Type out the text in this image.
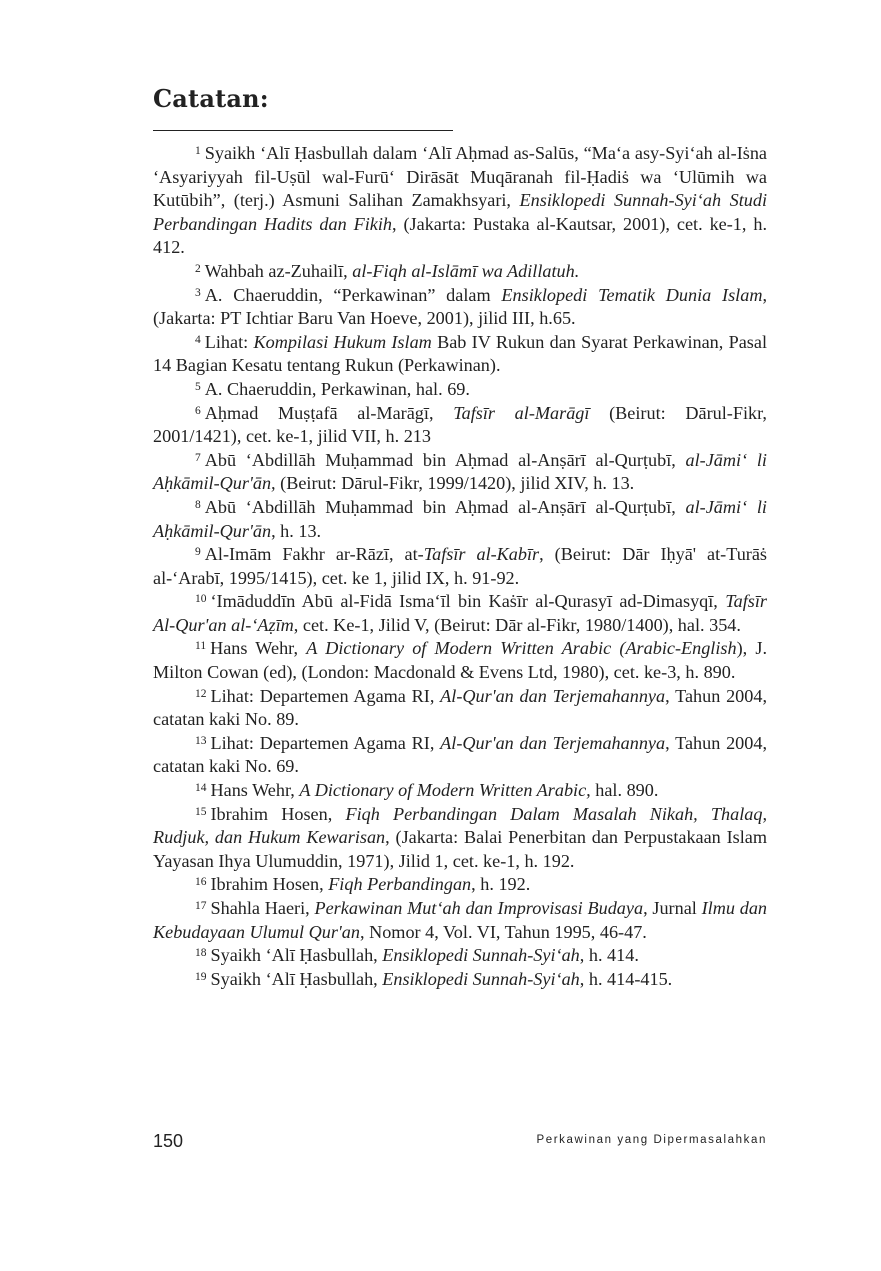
Catatan:

$^1$ Syaikh ‘Alī Ḥasbullah dalam ‘Alī Aḥmad as-Salūs, “Ma‘a asy-Syi‘ah al-Iṡna ‘Asyariyyah fil-Uṣūl wal-Furū‘ Dirāsāt Muqāranah fil-Ḥadiṡ wa ‘Ulūmih wa Kutūbih”, (terj.) Asmuni Salihan Zamakhsyari, Ensiklopedi Sunnah-Syi‘ah Studi Perbandingan Hadits dan Fikih, (Jakarta: Pustaka al-Kautsar, 2001), cet. ke-1, h. 412.

$^2$ Wahbah az-Zuhailī, al-Fiqh al-Islāmī wa Adillatuh.

$^3$ A. Chaeruddin, “Perkawinan” dalam Ensiklopedi Tematik Dunia Islam, (Jakarta: PT Ichtiar Baru Van Hoeve, 2001), jilid III, h.65.

$^4$ Lihat: Kompilasi Hukum Islam Bab IV Rukun dan Syarat Perkawinan, Pasal 14 Bagian Kesatu tentang Rukun (Perkawinan).

$^5$ A. Chaeruddin, Perkawinan, hal. 69.

$^6$ Aḥmad Muṣṭafā al-Marāgī, Tafsīr al-Marāgī (Beirut: Dārul-Fikr, 2001/1421), cet. ke-1, jilid VII, h. 213

$^7$ Abū ‘Abdillāh Muḥammad bin Aḥmad al-Anṣārī al-Qurṭubī, al-Jāmi‘ li Aḥkāmil-Qur'ān, (Beirut: Dārul-Fikr, 1999/1420), jilid XIV, h. 13.

$^8$ Abū ‘Abdillāh Muḥammad bin Aḥmad al-Anṣārī al-Qurṭubī, al-Jāmi‘ li Aḥkāmil-Qur'ān, h. 13.

$^9$ Al-Imām Fakhr ar-Rāzī, at-Tafsīr al-Kabīr, (Beirut: Dār Iḥyā' at-Turāṡ al-‘Arabī, 1995/1415), cet. ke 1, jilid IX, h. 91-92.

$^{10}$ ‘Imāduddīn Abū al-Fidā Isma‘īl bin Kaṡīr al-Qurasyī ad-Dimasyqī, Tafsīr Al-Qur'an al-‘Aẓīm, cet. Ke-1, Jilid V, (Beirut: Dār al-Fikr, 1980/1400), hal. 354.

$^{11}$ Hans Wehr, A Dictionary of Modern Written Arabic (Arabic-English), J. Milton Cowan (ed), (London: Macdonald & Evens Ltd, 1980), cet. ke-3, h. 890.

$^{12}$ Lihat: Departemen Agama RI, Al-Qur'an dan Terjemahannya, Tahun 2004, catatan kaki No. 89.

$^{13}$ Lihat: Departemen Agama RI, Al-Qur'an dan Terjemahannya, Tahun 2004, catatan kaki No. 69.

$^{14}$ Hans Wehr, A Dictionary of Modern Written Arabic, hal. 890.

$^{15}$ Ibrahim Hosen, Fiqh Perbandingan Dalam Masalah Nikah, Thalaq, Rudjuk, dan Hukum Kewarisan, (Jakarta: Balai Penerbitan dan Perpustakaan Islam Yayasan Ihya Ulumuddin, 1971), Jilid 1, cet. ke-1, h. 192.

$^{16}$ Ibrahim Hosen, Fiqh Perbandingan, h. 192.

$^{17}$ Shahla Haeri, Perkawinan Mut‘ah dan Improvisasi Budaya, Jurnal Ilmu dan Kebudayaan Ulumul Qur'an, Nomor 4, Vol. VI, Tahun 1995, 46-47.

$^{18}$ Syaikh ‘Alī Ḥasbullah, Ensiklopedi Sunnah-Syi‘ah, h. 414.

$^{19}$ Syaikh ‘Alī Ḥasbullah, Ensiklopedi Sunnah-Syi‘ah, h. 414-415.

150	Perkawinan yang Dipermasalahkan
